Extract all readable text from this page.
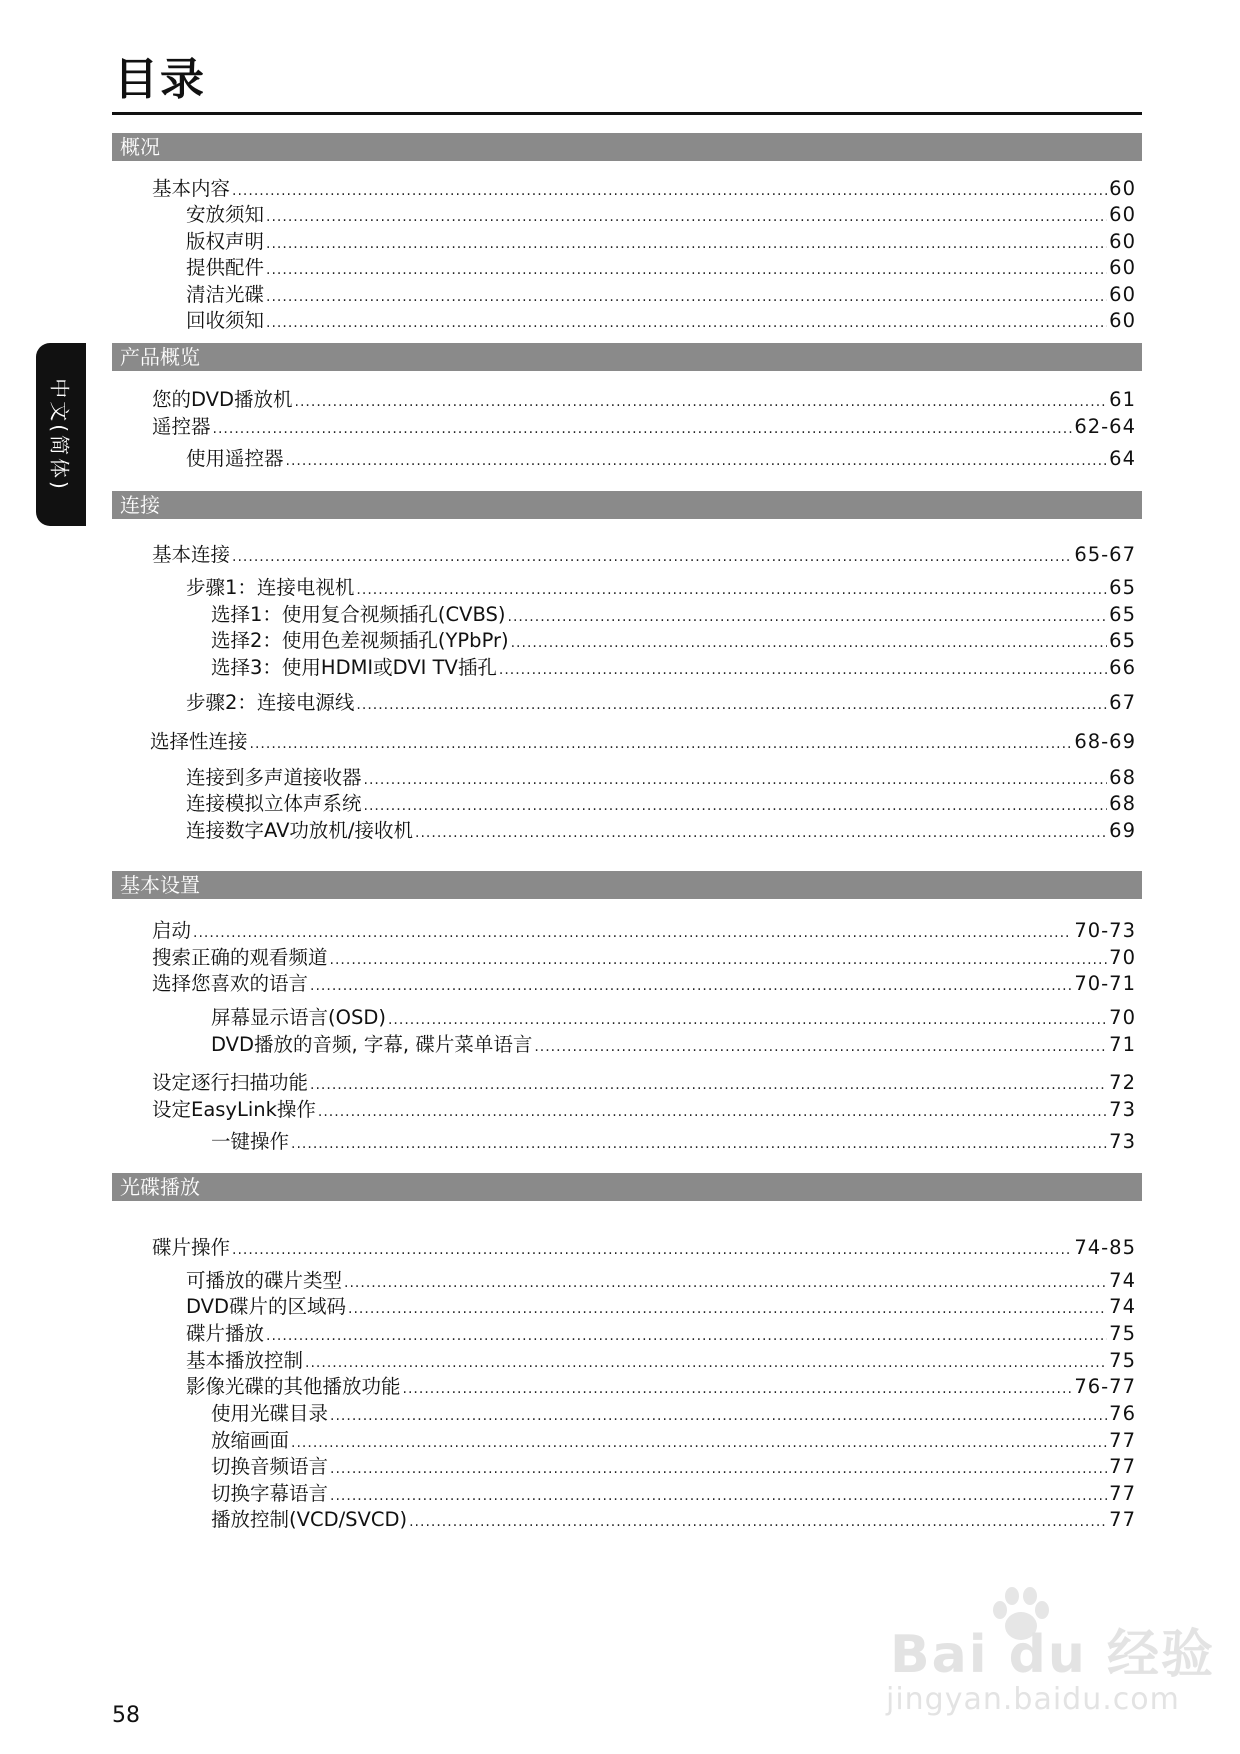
目录
中文(简体)
概况
产品概览
连接
基本设置
光碟播放
基本内容 .....	60
安放须知 .....	60
版权声明 .....	60
提供配件 .....	60
清洁光碟 .....	60
回收须知 .....	60
您的DVD播放机 .....	61
遥控器 .....	62-64
使用遥控器 .....	64
基本连接 .....	65-67
步骤1：连接电视机 .....	65
选择1：使用复合视频插孔(CVBS) .....	65
选择2：使用色差视频插孔(YPbPr) .....	65
选择3：使用HDMI或DVI TV插孔 .....	66
步骤2：连接电源线 .....	67
选择性连接 .....	68-69
连接到多声道接收器 .....	68
连接模拟立体声系统 .....	68
连接数字AV功放机/接收机 .....	69
启动 .....	70-73
搜索正确的观看频道 .....	70
选择您喜欢的语言 .....	70-71
屏幕显示语言(OSD) .....	70
DVD播放的音频, 字幕, 碟片菜单语言 .....	71
设定逐行扫描功能 .....	72
设定EasyLink操作 .....	73
一键操作 .....	73
碟片操作 .....	74-85
可播放的碟片类型 .....	74
DVD碟片的区域码 .....	74
碟片播放 .....	75
基本播放控制 .....	75
影像光碟的其他播放功能 .....	76-77
使用光碟目录 .....	76
放缩画面 .....	77
切换音频语言 .....	77
切换字幕语言 .....	77
播放控制(VCD/SVCD) .....	77
Bai du 经验
jingyan.baidu.com
58
